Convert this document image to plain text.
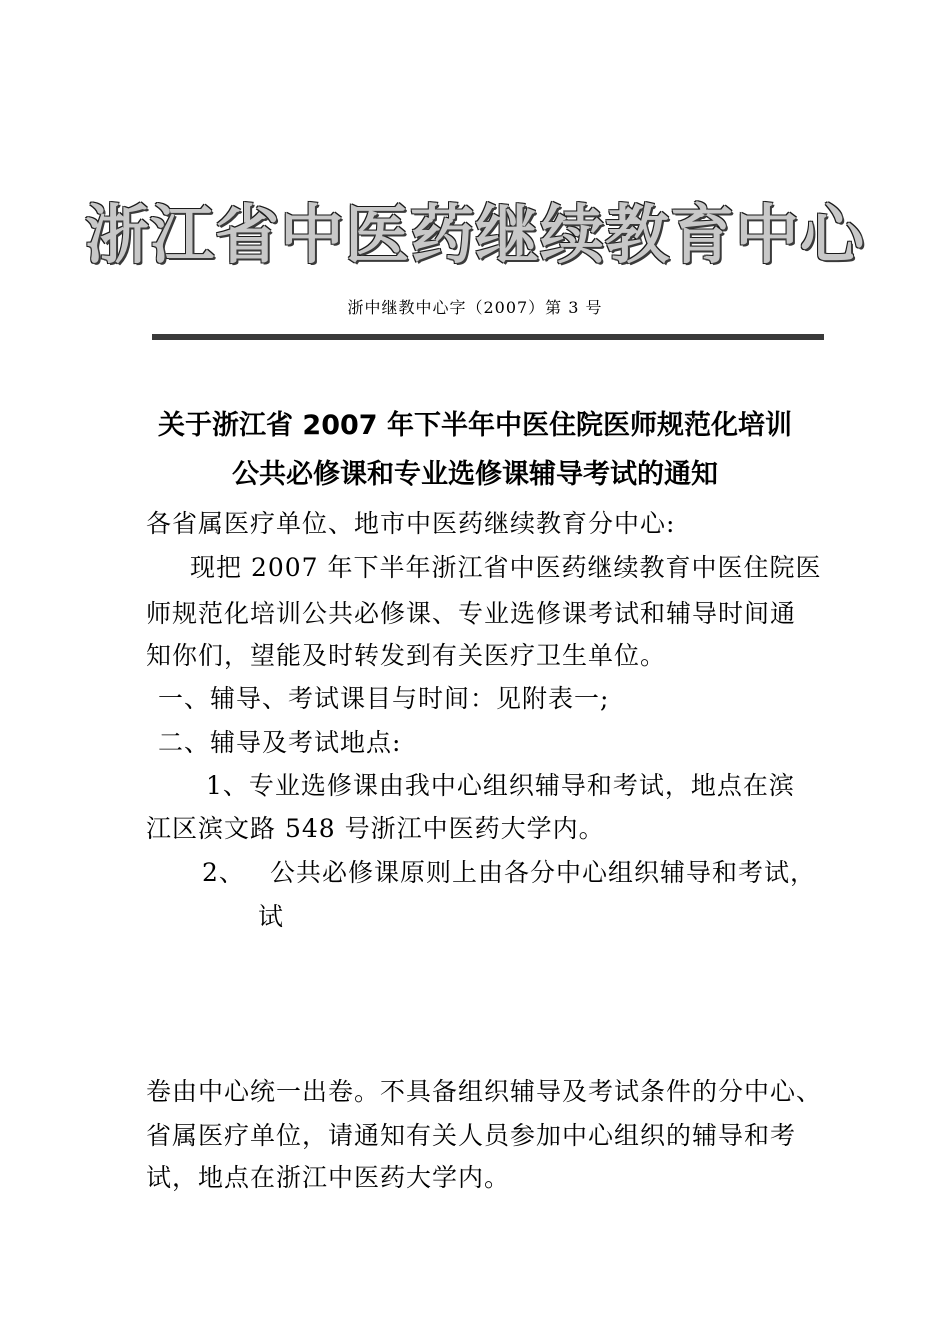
浙江省中医药继续教育中心
浙中继教中心字（2007）第 3 号
关于浙江省 2007 年下半年中医住院医师规范化培训
公共必修课和专业选修课辅导考试的通知
各省属医疗单位、地市中医药继续教育分中心:
现把 2007 年下半年浙江省中医药继续教育中医住院医
师规范化培训公共必修课、专业选修课考试和辅导时间通
知你们，望能及时转发到有关医疗卫生单位。
一、辅导、考试课目与时间：见附表一;
二、辅导及考试地点:
1、专业选修课由我中心组织辅导和考试，地点在滨
江区滨文路 548 号浙江中医药大学内。
2、 公共必修课原则上由各分中心组织辅导和考试，
试
卷由中心统一出卷。不具备组织辅导及考试条件的分中心、
省属医疗单位，请通知有关人员参加中心组织的辅导和考
试，地点在浙江中医药大学内。
